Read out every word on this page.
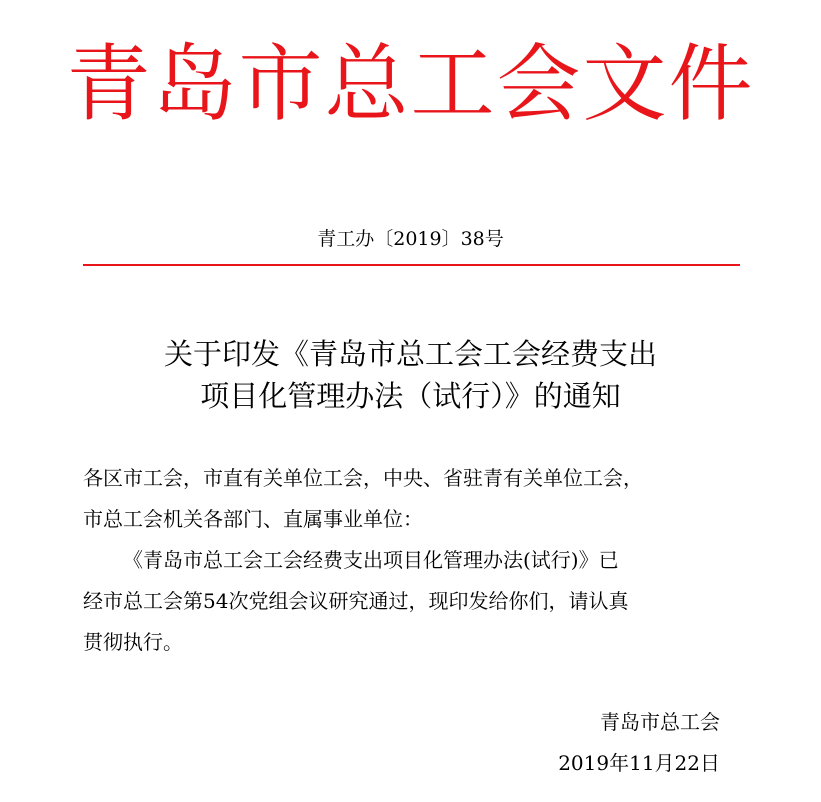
青岛市总工会文件
青工办〔2019〕38号
关于印发《青岛市总工会工会经费支出
项目化管理办法（试行）》的通知
各区市工会，市直有关单位工会，中央、省驻青有关单位工会，
市总工会机关各部门、直属事业单位：
《青岛市总工会工会经费支出项目化管理办法(试行)》已
经市总工会第54次党组会议研究通过，现印发给你们，请认真
贯彻执行。
青岛市总工会
2019年11月22日
